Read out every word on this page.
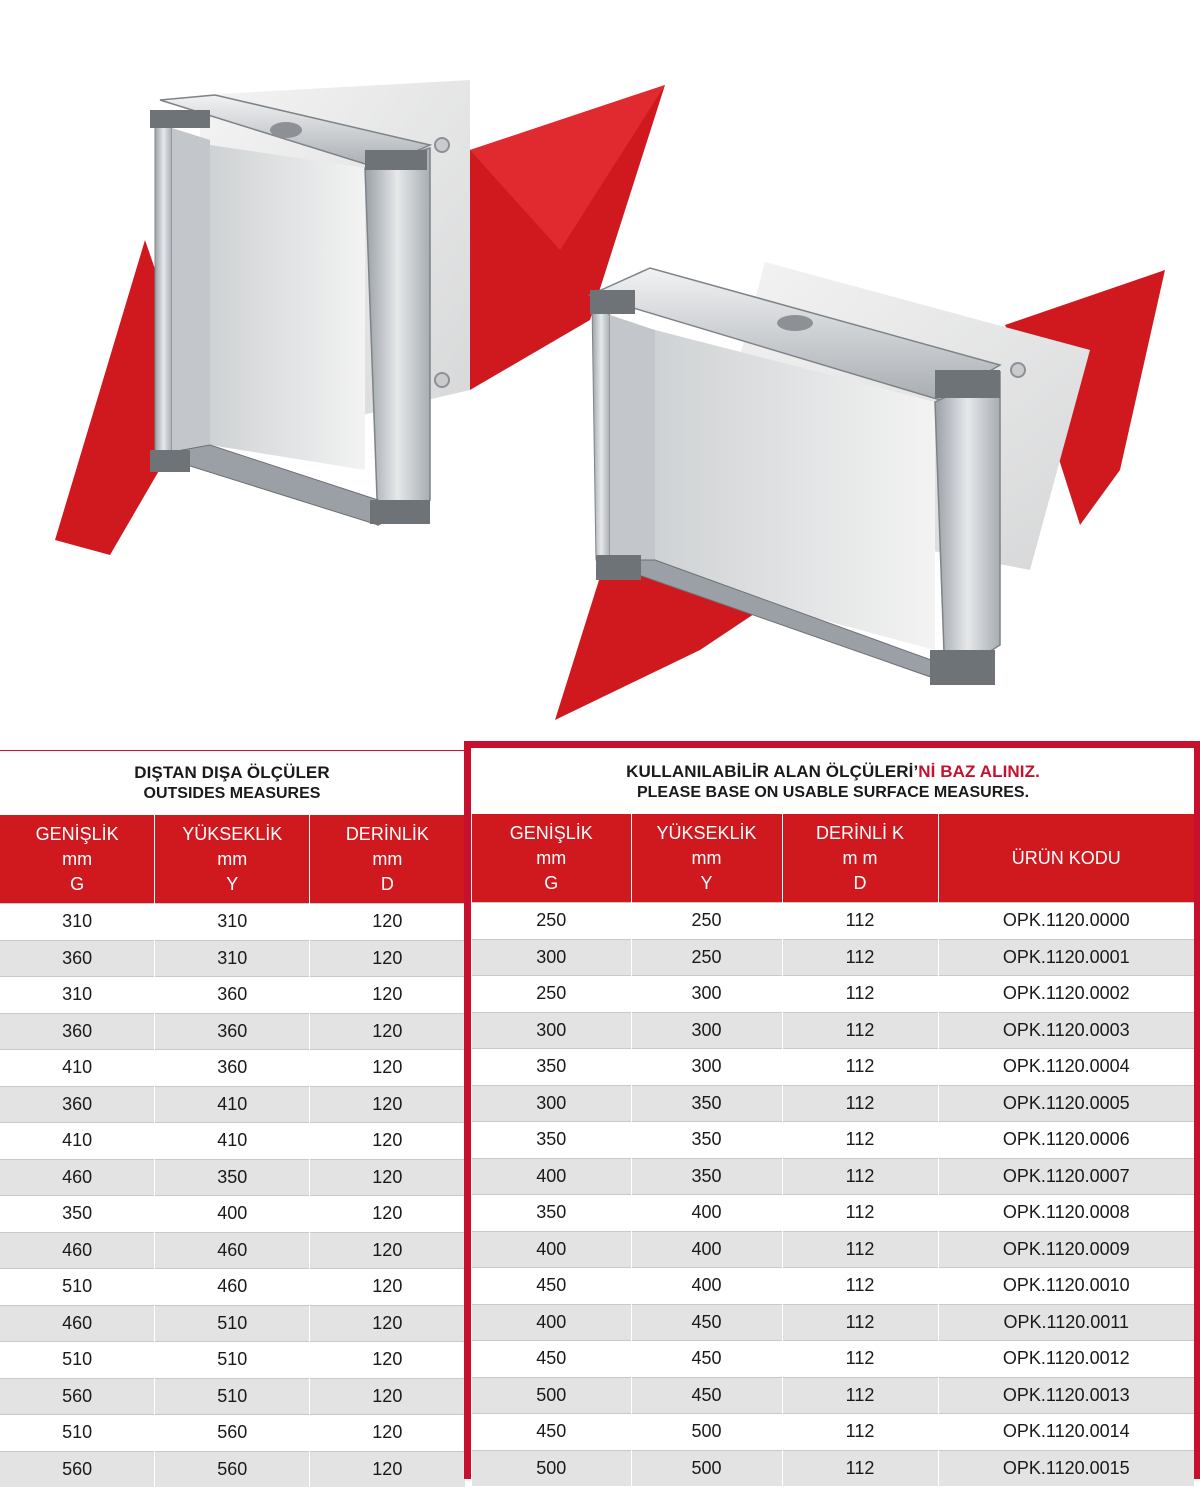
DIŞTAN DIŞA ÖLÇÜLER
OUTSIDES MEASURES		

GENİŞLİK
mm
G	YÜKSEKLİK
mm
Y	DERİNLİK
mm
D

310	310	120
360	310	120
310	360	120
360	360	120
410	360	120
360	410	120
410	410	120
460	350	120
350	400	120
460	460	120
510	460	120
460	510	120
510	510	120
560	510	120
510	560	120
560	560	120
KULLANILABİLİR ALAN ÖLÇÜLERİ’Nİ BAZ ALINIZ.
PLEASE BASE ON USABLE SURFACE MEASURES.			

GENİŞLİK
mm
G	YÜKSEKLİK
mm
Y	DERİNLİ K
m m
D	ÜRÜN KODU

250	250	112	OPK.1120.0000
300	250	112	OPK.1120.0001
250	300	112	OPK.1120.0002
300	300	112	OPK.1120.0003
350	300	112	OPK.1120.0004
300	350	112	OPK.1120.0005
350	350	112	OPK.1120.0006
400	350	112	OPK.1120.0007
350	400	112	OPK.1120.0008
400	400	112	OPK.1120.0009
450	400	112	OPK.1120.0010
400	450	112	OPK.1120.0011
450	450	112	OPK.1120.0012
500	450	112	OPK.1120.0013
450	500	112	OPK.1120.0014
500	500	112	OPK.1120.0015
